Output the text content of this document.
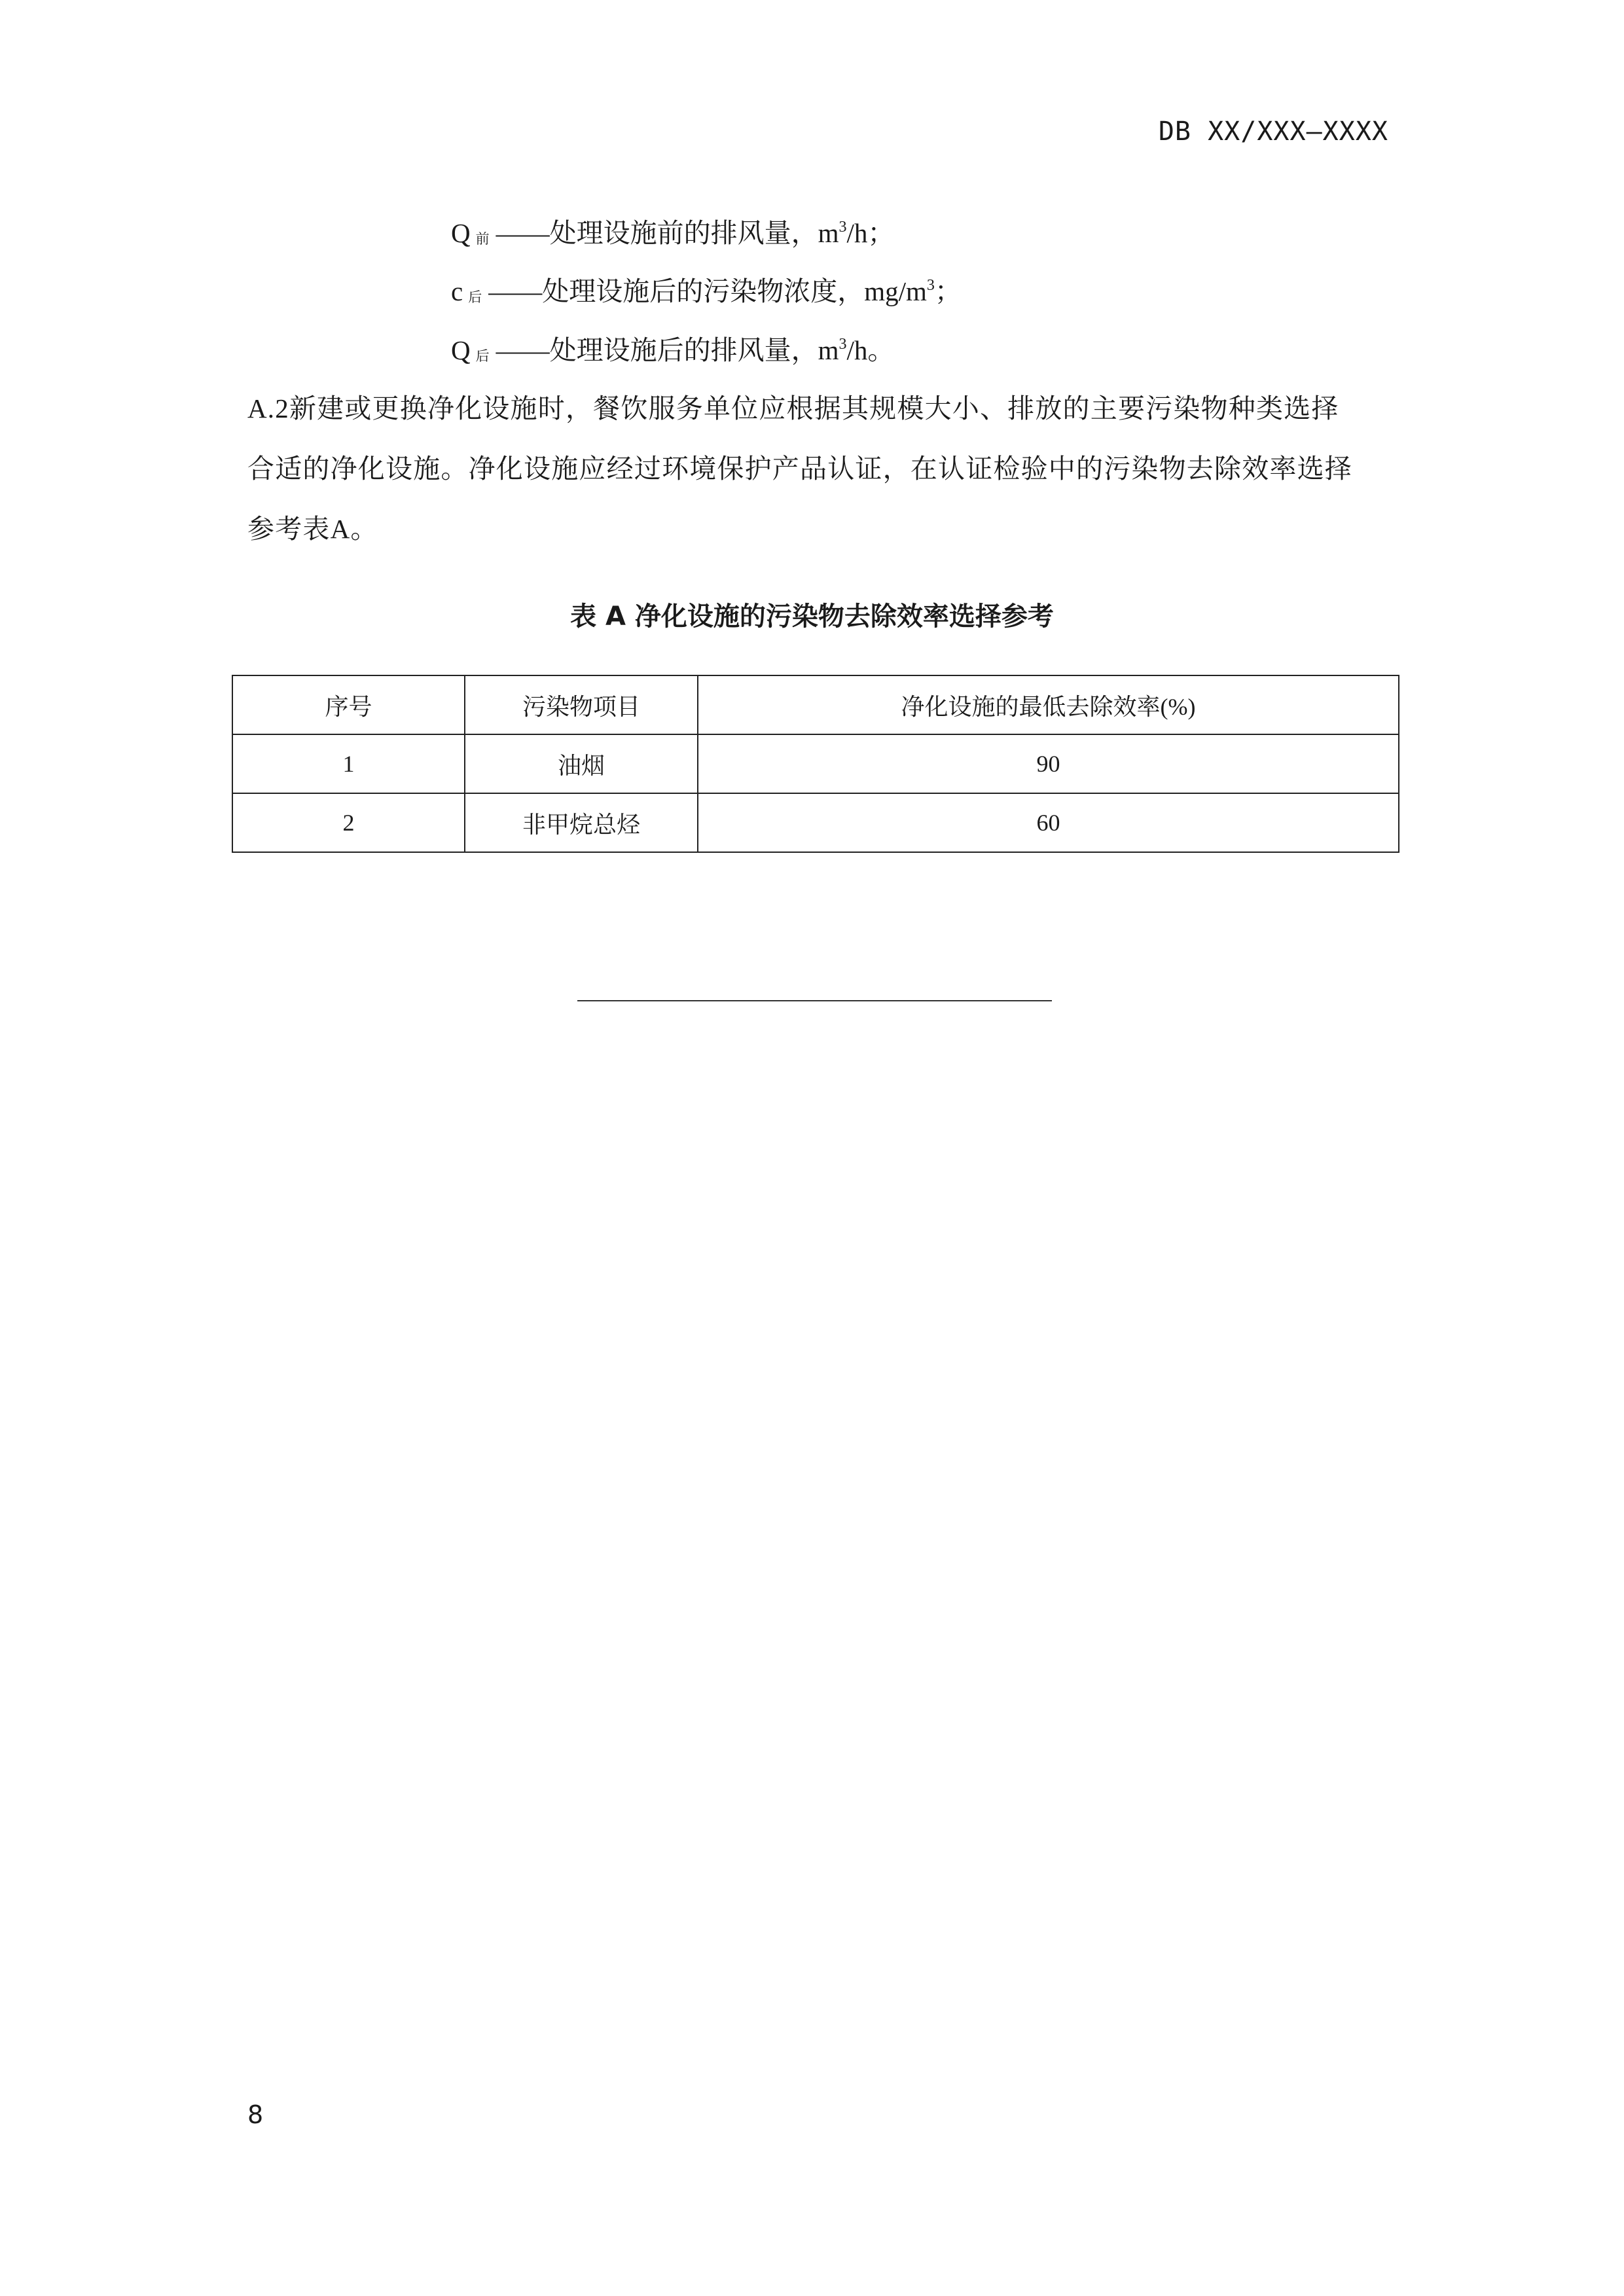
DB XX/XXX—XXXX
Q前 ——处理设施前的排风量，$m^3/h$；
c后 ——处理设施后的污染物浓度，$mg/m^3$；
Q后 ——处理设施后的排风量，$m^3/h$。
A.2新建或更换净化设施时，餐饮服务单位应根据其规模大小、排放的主要污染物种类选择
合适的净化设施。净化设施应经过环境保护产品认证，在认证检验中的污染物去除效率选择
参考表A。
表 A 净化设施的污染物去除效率选择参考
序号	污染物项目	净化设施的最低去除效率(%)
1	油烟	90
2	非甲烷总烃	60
8
